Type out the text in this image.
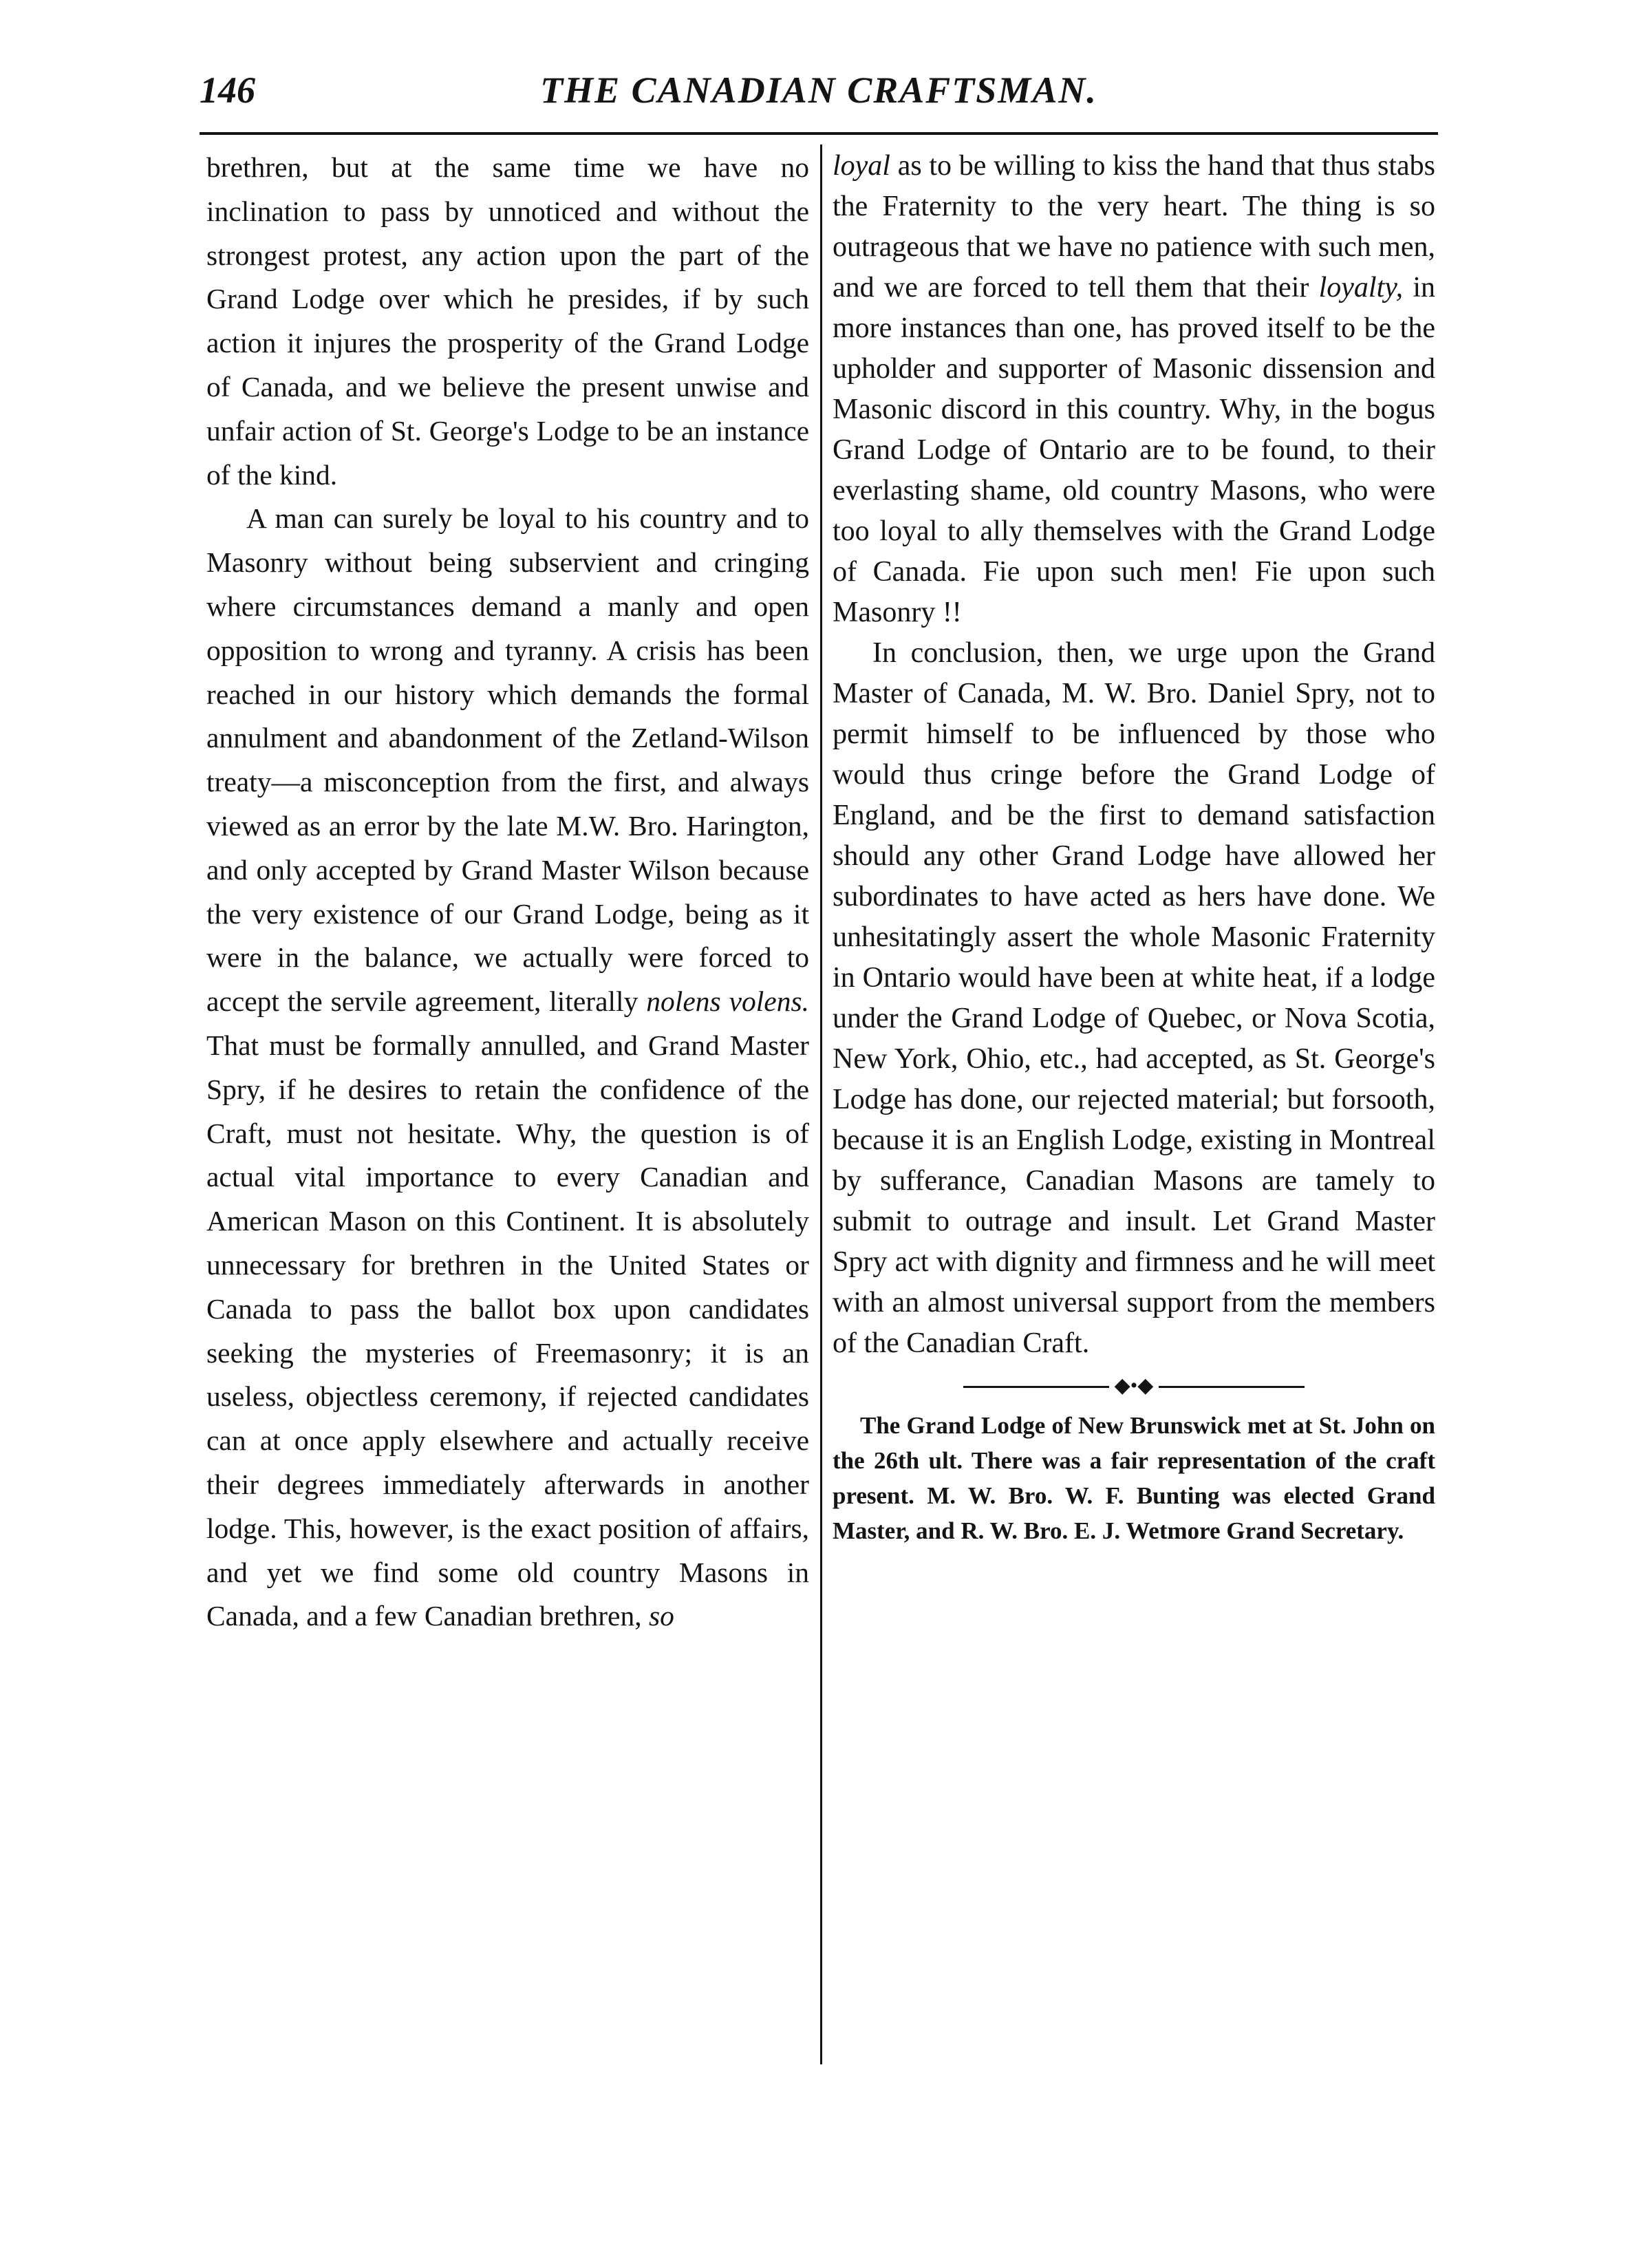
146	THE CANADIAN CRAFTSMAN.

brethren, but at the same time we have no inclination to pass by unnoticed and without the strongest protest, any action upon the part of the Grand Lodge over which he presides, if by such action it injures the prosperity of the Grand Lodge of Canada, and we believe the present unwise and unfair action of St. George's Lodge to be an instance of the kind.

A man can surely be loyal to his country and to Masonry without being subservient and cringing where circumstances demand a manly and open opposition to wrong and tyranny. A crisis has been reached in our history which demands the formal annulment and abandonment of the Zetland-Wilson treaty—a misconception from the first, and always viewed as an error by the late M.W. Bro. Harington, and only accepted by Grand Master Wilson because the very existence of our Grand Lodge, being as it were in the balance, we actually were forced to accept the servile agreement, literally nolens volens. That must be formally annulled, and Grand Master Spry, if he desires to retain the confidence of the Craft, must not hesitate. Why, the question is of actual vital importance to every Canadian and American Mason on this Continent. It is absolutely unnecessary for brethren in the United States or Canada to pass the ballot box upon candidates seeking the mysteries of Freemasonry; it is an useless, objectless ceremony, if rejected candidates can at once apply elsewhere and actually receive their degrees immediately afterwards in another lodge. This, however, is the exact position of affairs, and yet we find some old country Masons in Canada, and a few Canadian brethren, so

loyal as to be willing to kiss the hand that thus stabs the Fraternity to the very heart. The thing is so outrageous that we have no patience with such men, and we are forced to tell them that their loyalty, in more instances than one, has proved itself to be the upholder and supporter of Masonic dissension and Masonic discord in this country. Why, in the bogus Grand Lodge of Ontario are to be found, to their everlasting shame, old country Masons, who were too loyal to ally themselves with the Grand Lodge of Canada. Fie upon such men! Fie upon such Masonry !!

In conclusion, then, we urge upon the Grand Master of Canada, M. W. Bro. Daniel Spry, not to permit himself to be influenced by those who would thus cringe before the Grand Lodge of England, and be the first to demand satisfaction should any other Grand Lodge have allowed her subordinates to have acted as hers have done. We unhesitatingly assert the whole Masonic Fraternity in Ontario would have been at white heat, if a lodge under the Grand Lodge of Quebec, or Nova Scotia, New York, Ohio, etc., had accepted, as St. George's Lodge has done, our rejected material; but forsooth, because it is an English Lodge, existing in Montreal by sufferance, Canadian Masons are tamely to submit to outrage and insult. Let Grand Master Spry act with dignity and firmness and he will meet with an almost universal support from the members of the Canadian Craft.

◆•◆

The Grand Lodge of New Brunswick met at St. John on the 26th ult. There was a fair representation of the craft present. M. W. Bro. W. F. Bunting was elected Grand Master, and R. W. Bro. E. J. Wetmore Grand Secretary.
